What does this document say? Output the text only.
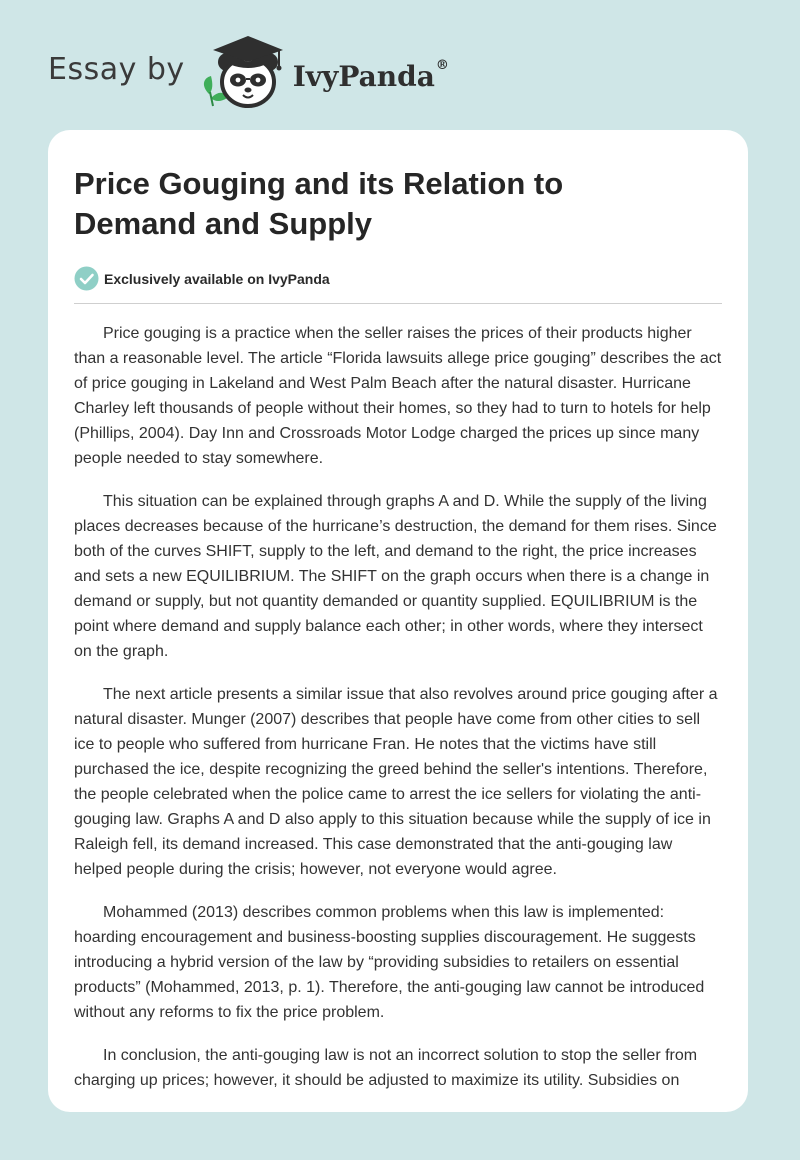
Essay by	IvyPanda®
Price Gouging and its Relation to Demand and Supply
Exclusively available on IvyPanda

Price gouging is a practice when the seller raises the prices of their products higher than a reasonable level. The article “Florida lawsuits allege price gouging” describes the act of price gouging in Lakeland and West Palm Beach after the natural disaster. Hurricane Charley left thousands of people without their homes, so they had to turn to hotels for help (Phillips, 2004). Day Inn and Crossroads Motor Lodge charged the prices up since many people needed to stay somewhere.

This situation can be explained through graphs A and D. While the supply of the living places decreases because of the hurricane’s destruction, the demand for them rises. Since both of the curves SHIFT, supply to the left, and demand to the right, the price increases and sets a new EQUILIBRIUM. The SHIFT on the graph occurs when there is a change in demand or supply, but not quantity demanded or quantity supplied. EQUILIBRIUM is the point where demand and supply balance each other; in other words, where they intersect on the graph.

The next article presents a similar issue that also revolves around price gouging after a natural disaster. Munger (2007) describes that people have come from other cities to sell ice to people who suffered from hurricane Fran. He notes that the victims have still purchased the ice, despite recognizing the greed behind the seller's intentions. Therefore, the people celebrated when the police came to arrest the ice sellers for violating the anti-gouging law. Graphs A and D also apply to this situation because while the supply of ice in Raleigh fell, its demand increased. This case demonstrated that the anti-gouging law helped people during the crisis; however, not everyone would agree.

Mohammed (2013) describes common problems when this law is implemented: hoarding encouragement and business-boosting supplies discouragement. He suggests introducing a hybrid version of the law by “providing subsidies to retailers on essential products” (Mohammed, 2013, p. 1). Therefore, the anti-gouging law cannot be introduced without any reforms to fix the price problem.

In conclusion, the anti-gouging law is not an incorrect solution to stop the seller from charging up prices; however, it should be adjusted to maximize its utility. Subsidies on
